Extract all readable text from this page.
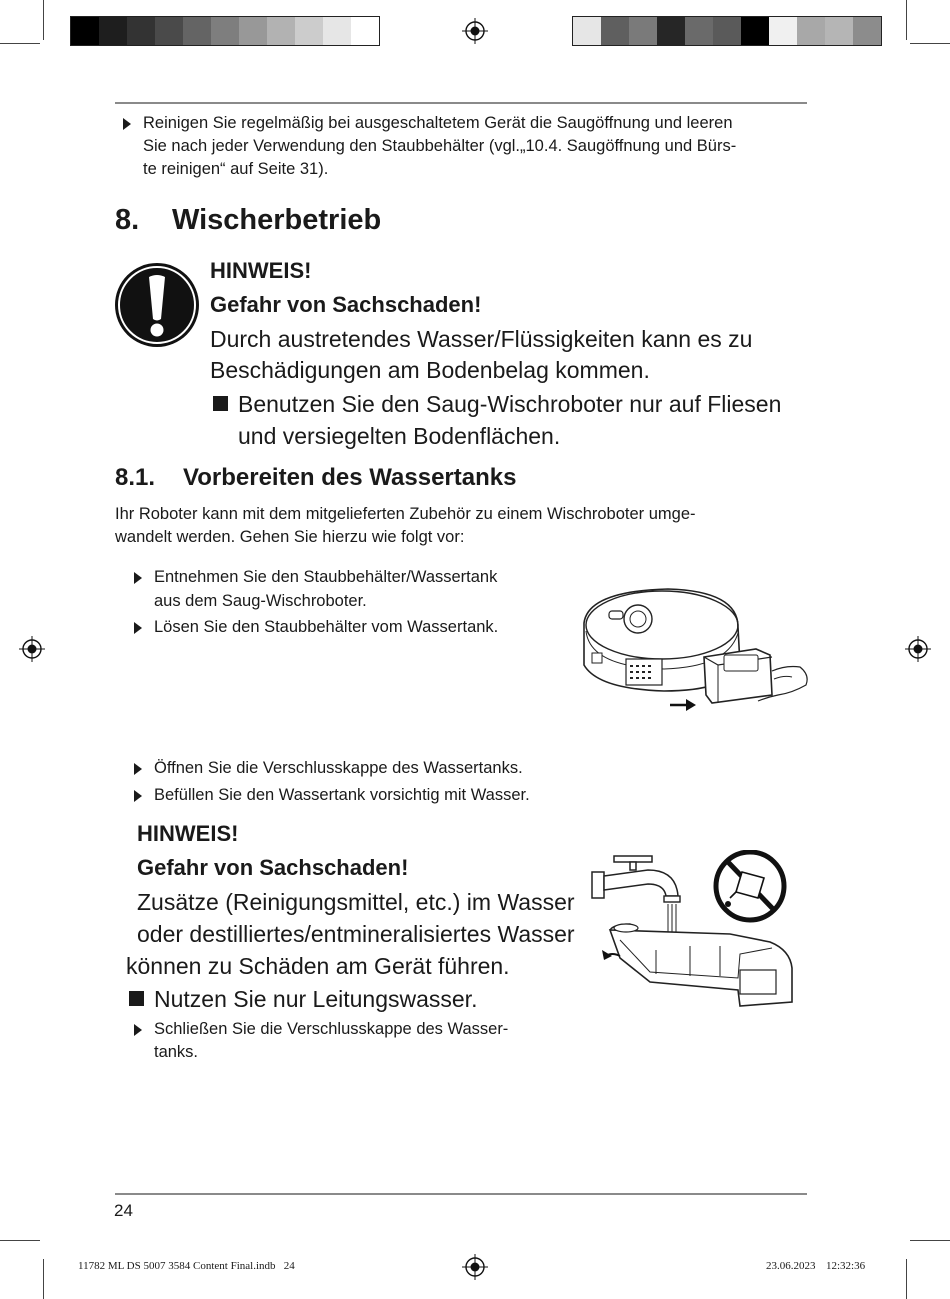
Reinigen Sie regelmäßig bei ausgeschaltetem Gerät die Saugöffnung und leeren
Sie nach jeder Verwendung den Staubbehälter (vgl.„10.4. Saugöffnung und Bürs-
te reinigen“ auf Seite 31).
8. Wischerbetrieb
HINWEIS!
Gefahr von Sachschaden!
Durch austretendes Wasser/Flüssigkeiten kann es zu
Beschädigungen am Bodenbelag kommen.
Benutzen Sie den Saug-Wischroboter nur auf Fliesen
und versiegelten Bodenflächen.
8.1. Vorbereiten des Wassertanks
Ihr Roboter kann mit dem mitgelieferten Zubehör zu einem Wischroboter umge-
wandelt werden. Gehen Sie hierzu wie folgt vor:
Entnehmen Sie den Staubbehälter/Wassertank
aus dem Saug-Wischroboter.
Lösen Sie den Staubbehälter vom Wassertank.
Öffnen Sie die Verschlusskappe des Wassertanks.
Befüllen Sie den Wassertank vorsichtig mit Wasser.
HINWEIS!
Gefahr von Sachschaden!
Zusätze (Reinigungsmittel, etc.) im Wasser
oder destilliertes/entmineralisiertes Wasser
können zu Schäden am Gerät führen.
Nutzen Sie nur Leitungswasser.
Schließen Sie die Verschlusskappe des Wasser-
tanks.
24
11782 ML DS 5007 3584 Content Final.indb   24	23.06.2023 12:32:36
